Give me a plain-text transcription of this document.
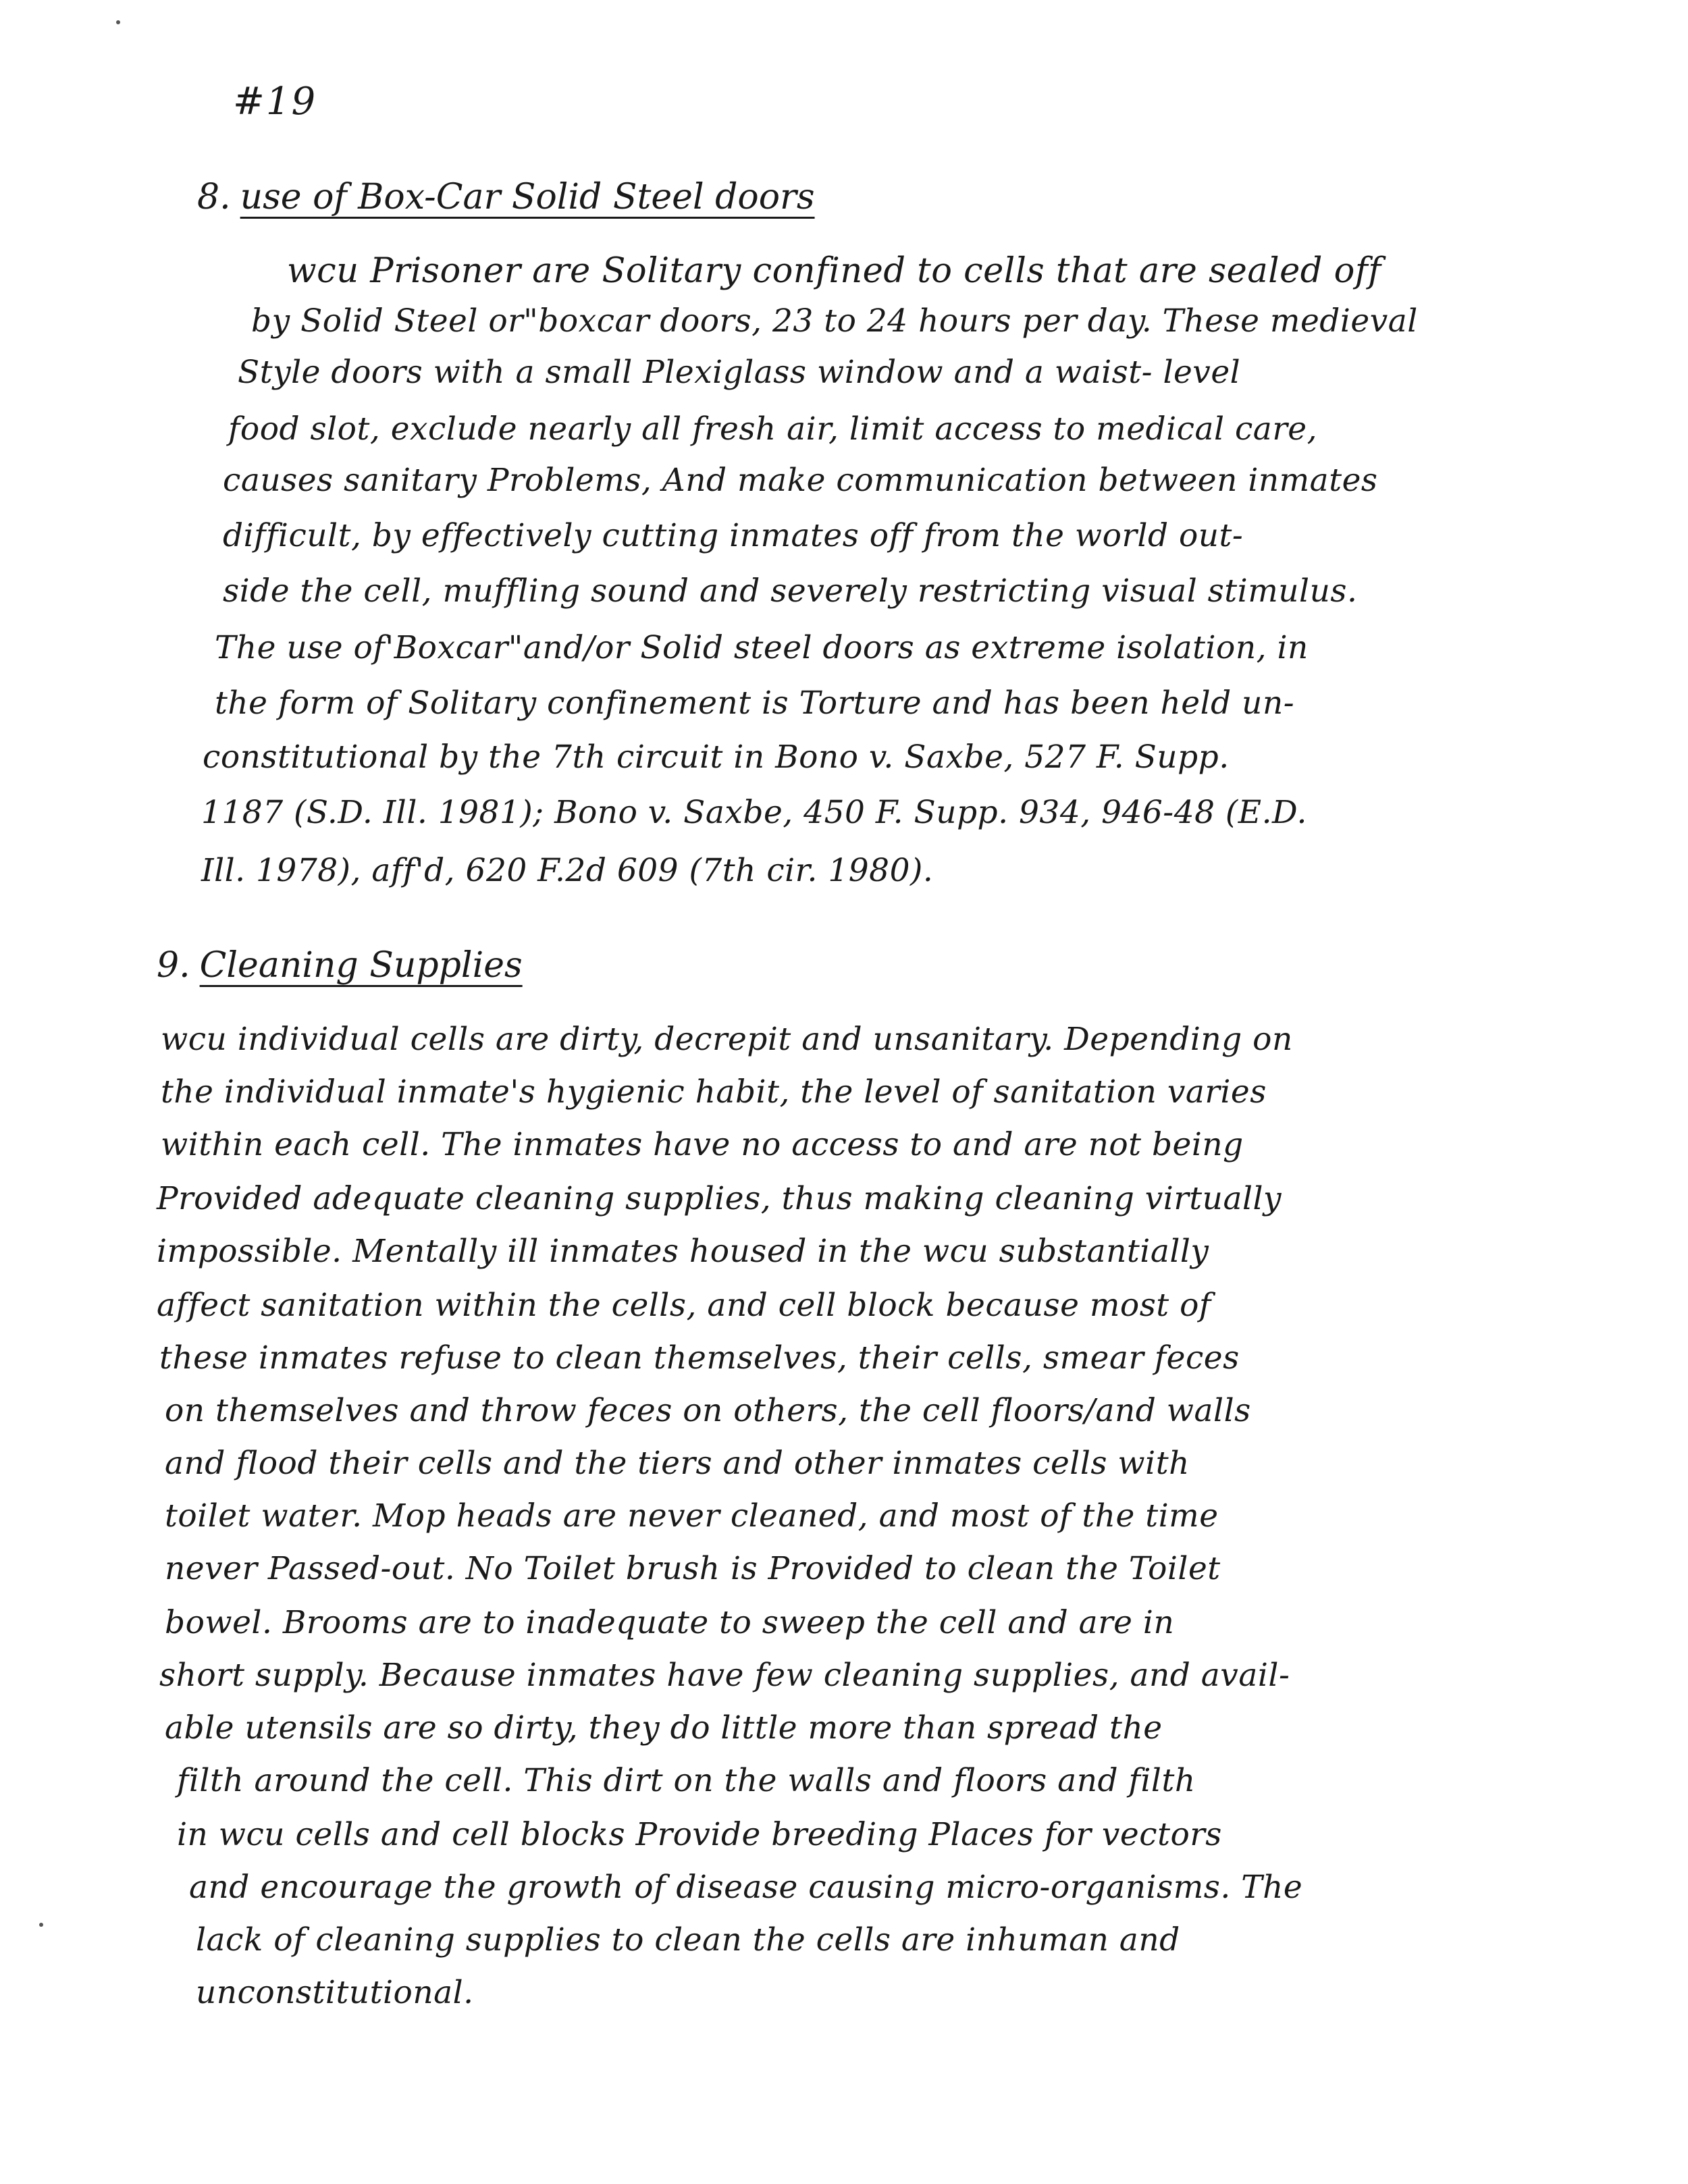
#19
8. use of Box-Car Solid Steel doors
wcu Prisoner are Solitary confined to cells that are sealed off
by Solid Steel or"boxcar doors, 23 to 24 hours per day. These medieval
Style doors with a small Plexiglass window and a waist- level
food slot, exclude nearly all fresh air, limit access to medical care,
causes sanitary Problems, And make communication between inmates
difficult, by effectively cutting inmates off from the world out-
side the cell, muffling sound and severely restricting visual stimulus.
The use of'Boxcar"and/or Solid steel doors as extreme isolation, in
the form of Solitary confinement is Torture and has been held un-
constitutional by the 7th circuit in Bono v. Saxbe, 527 F. Supp.
1187 (S.D. Ill. 1981); Bono v. Saxbe, 450 F. Supp. 934, 946-48 (E.D.
Ill. 1978), aff'd, 620 F.2d 609 (7th cir. 1980).
9. Cleaning Supplies
wcu individual cells are dirty, decrepit and unsanitary. Depending on
the individual inmate's hygienic habit, the level of sanitation varies
within each cell. The inmates have no access to and are not being
Provided adequate cleaning supplies, thus making cleaning virtually
impossible. Mentally ill inmates housed in the wcu substantially
affect sanitation within the cells, and cell block because most of
these inmates refuse to clean themselves, their cells, smear feces
on themselves and throw feces on others, the cell floors/and walls
and flood their cells and the tiers and other inmates cells with
toilet water. Mop heads are never cleaned, and most of the time
never Passed-out. No Toilet brush is Provided to clean the Toilet
bowel. Brooms are to inadequate to sweep the cell and are in
short supply. Because inmates have few cleaning supplies, and avail-
able utensils are so dirty, they do little more than spread the
filth around the cell. This dirt on the walls and floors and filth
in wcu cells and cell blocks Provide breeding Places for vectors
and encourage the growth of disease causing micro-organisms. The
lack of cleaning supplies to clean the cells are inhuman and
unconstitutional.
